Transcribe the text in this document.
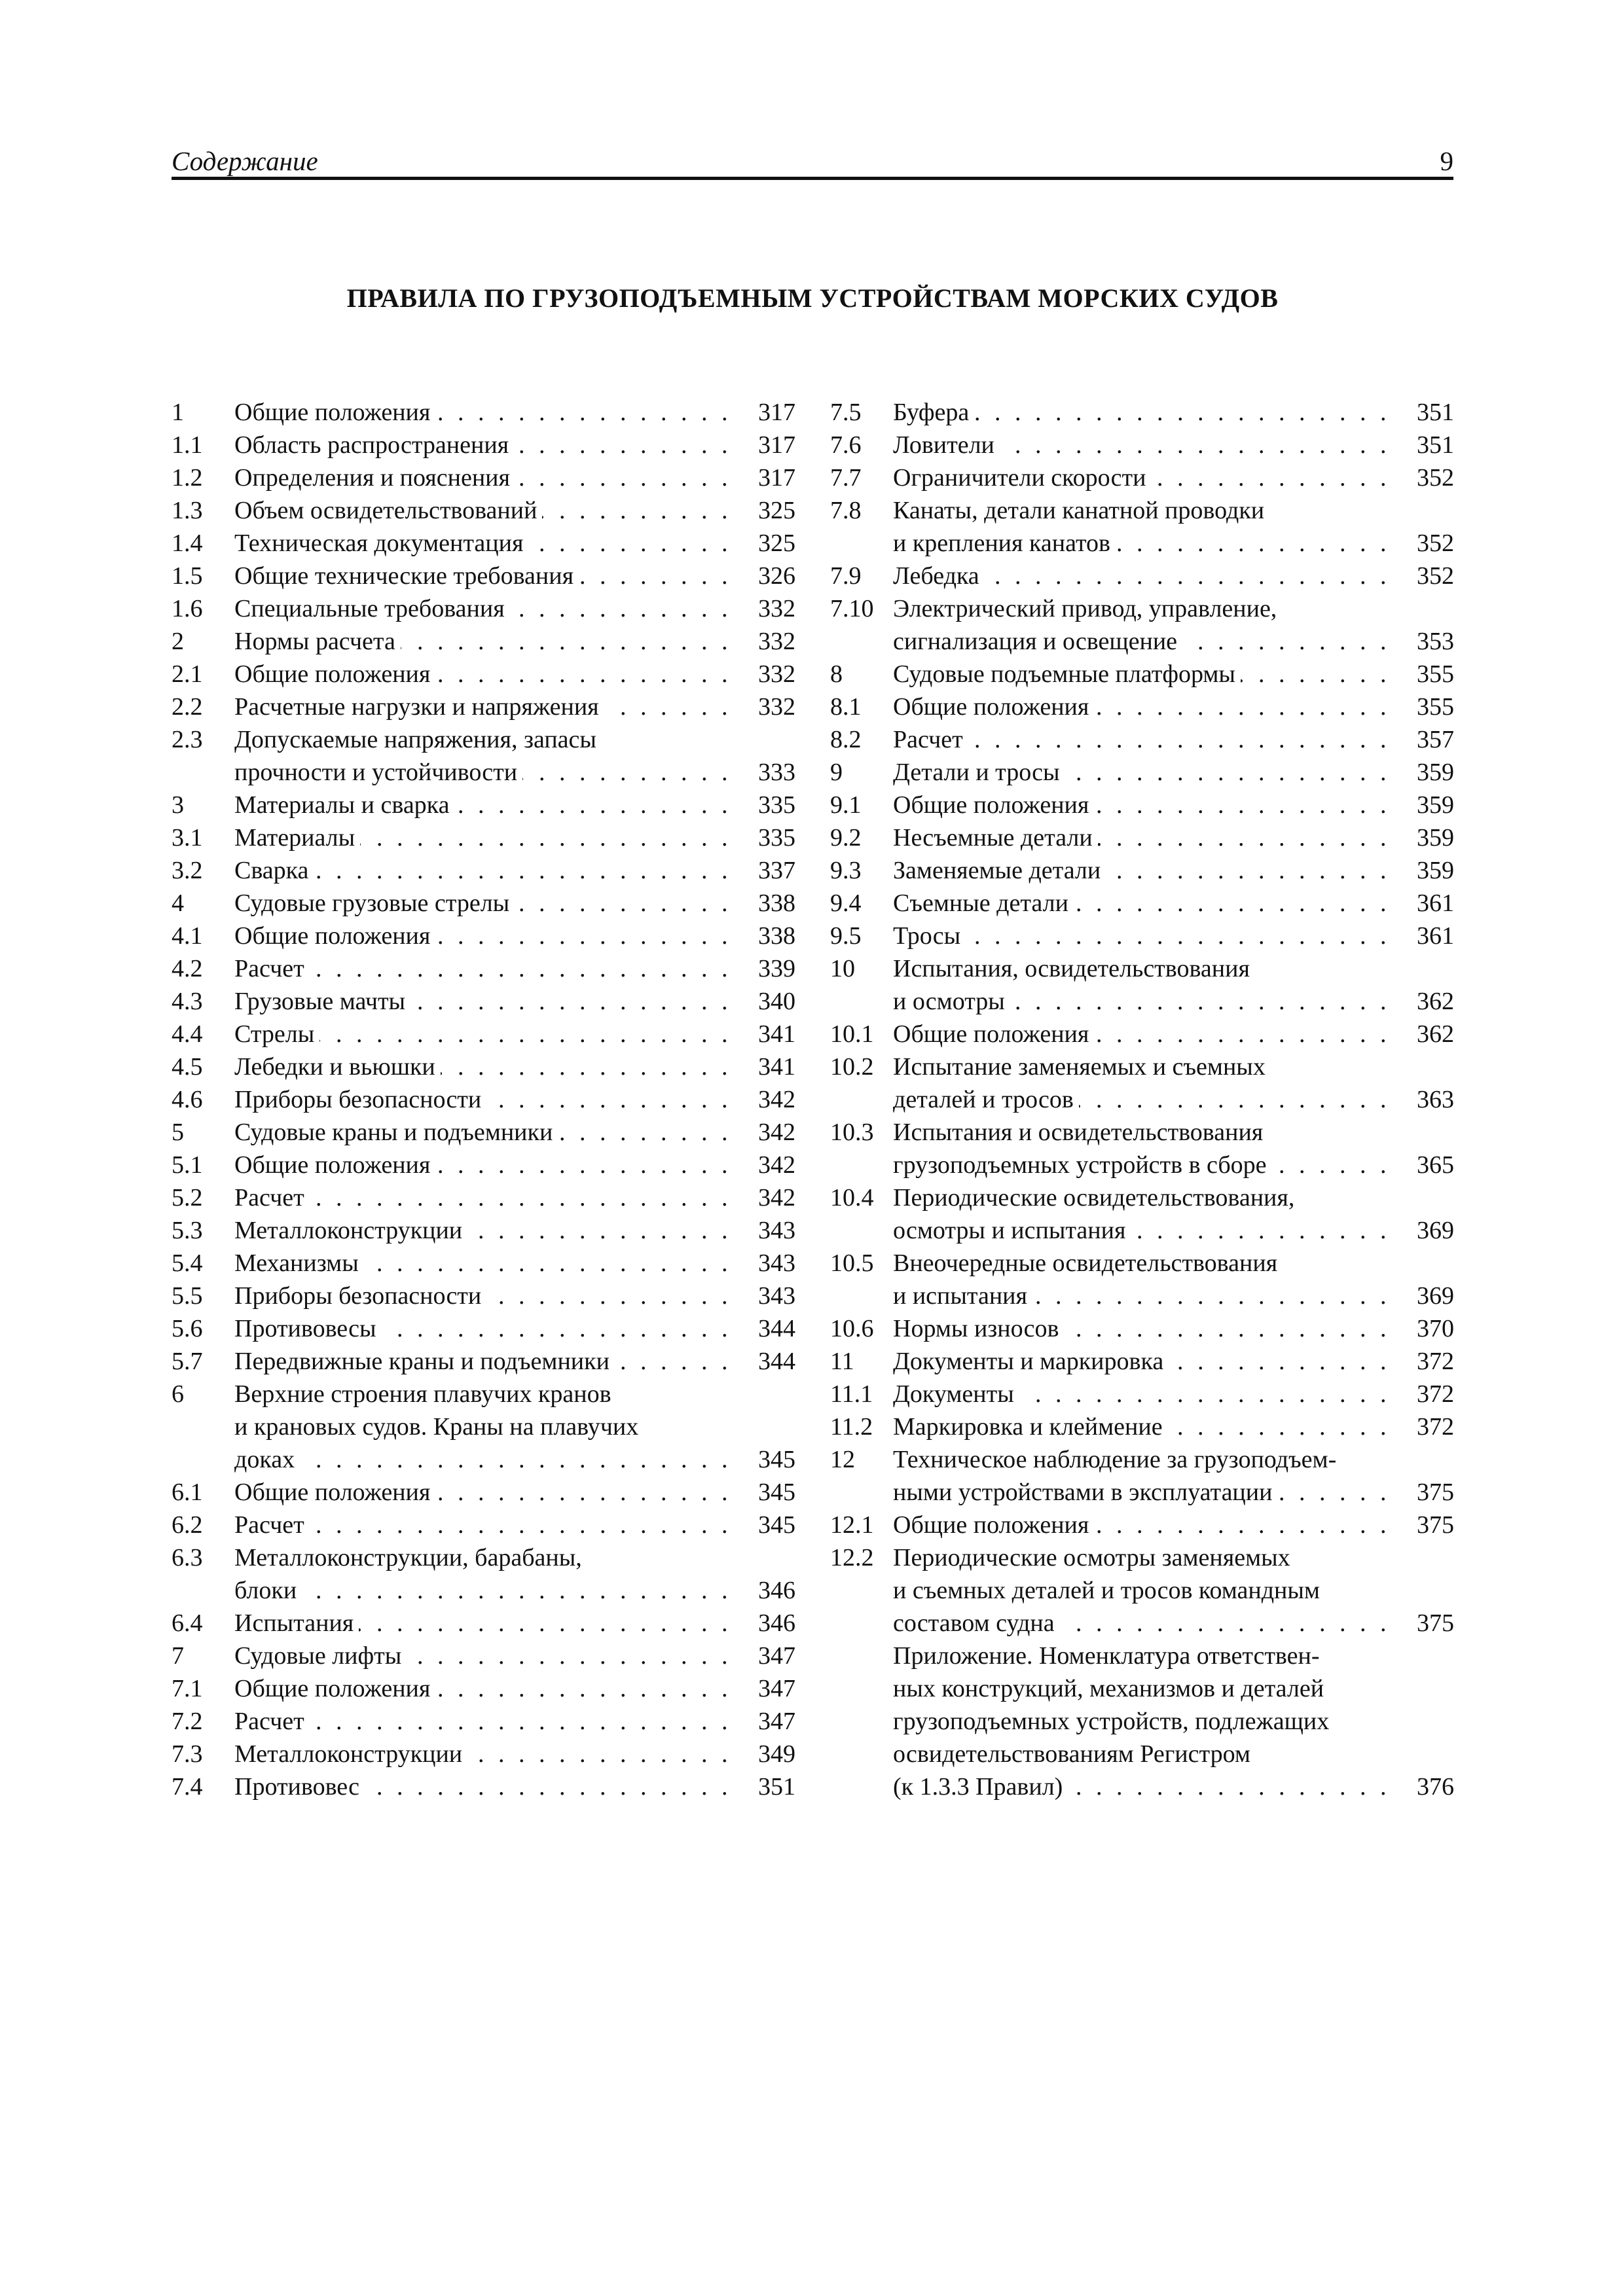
Содержание	9
ПРАВИЛА ПО ГРУЗОПОДЪЕМНЫМ УСТРОЙСТВАМ МОРСКИХ СУДОВ
1	Общие положения . . .	317
1.1	Область распространения . . .	317
1.2	Определения и пояснения . . .	317
1.3	Объем освидетельствований . . .	325
1.4	Техническая документация . . .	325
1.5	Общие технические требования . . .	326
1.6	Специальные требования . . .	332
2	Нормы расчета . . .	332
2.1	Общие положения . . .	332
2.2	Расчетные нагрузки и напряжения . . .	332
2.3	Допускаемые напряжения, запасы
прочности и устойчивости . . .	333
3	Материалы и сварка . . .	335
3.1	Материалы . . .	335
3.2	Сварка . . .	337
4	Судовые грузовые стрелы . . .	338
4.1	Общие положения . . .	338
4.2	Расчет . . .	339
4.3	Грузовые мачты . . .	340
4.4	Стрелы . . .	341
4.5	Лебедки и вьюшки . . .	341
4.6	Приборы безопасности . . .	342
5	Судовые краны и подъемники . . .	342
5.1	Общие положения . . .	342
5.2	Расчет . . .	342
5.3	Металлоконструкции . . .	343
5.4	Механизмы . . .	343
5.5	Приборы безопасности . . .	343
5.6	Противовесы . . .	344
5.7	Передвижные краны и подъемники . . .	344
6	Верхние строения плавучих кранов
и крановых судов. Краны на плавучих
доках . . .	345
6.1	Общие положения . . .	345
6.2	Расчет . . .	345
6.3	Металлоконструкции, барабаны,
блоки . . .	346
6.4	Испытания . . .	346
7	Судовые лифты . . .	347
7.1	Общие положения . . .	347
7.2	Расчет . . .	347
7.3	Металлоконструкции . . .	349
7.4	Противовес . . .	351
7.5	Буфера . . .	351
7.6	Ловители . . .	351
7.7	Ограничители скорости . . .	352
7.8	Канаты, детали канатной проводки
и крепления канатов . . .	352
7.9	Лебедка . . .	352
7.10 Электрический привод, управление,
сигнализация и освещение . . .	353
8	Судовые подъемные платформы . . .	355
8.1	Общие положения . . .	355
8.2	Расчет . . .	357
9	Детали и тросы . . .	359
9.1	Общие положения . . .	359
9.2	Несъемные детали . . .	359
9.3	Заменяемые детали . . .	359
9.4	Съемные детали . . .	361
9.5	Тросы . . .	361
10	Испытания, освидетельствования
и осмотры . . .	362
10.1 Общие положения . . .	362
10.2 Испытание заменяемых и съемных
деталей и тросов . . .	363
10.3 Испытания и освидетельствования
грузоподъемных устройств в сборе . . .	365
10.4 Периодические освидетельствования,
осмотры и испытания . . .	369
10.5 Внеочередные освидетельствования
и испытания . . .	369
10.6 Нормы износов . . .	370
11	Документы и маркировка . . .	372
11.1 Документы . . .	372
11.2 Маркировка и клеймение . . .	372
12	Техническое наблюдение за грузоподъем-
ными устройствами в эксплуатации . . .	375
12.1 Общие положения . . .	375
12.2 Периодические осмотры заменяемых
и съемных деталей и тросов командным
составом судна . . .	375
Приложение. Номенклатура ответствен-
ных конструкций, механизмов и деталей
грузоподъемных устройств, подлежащих
освидетельствованиям Регистром
(к 1.3.3 Правил) . . .	376
